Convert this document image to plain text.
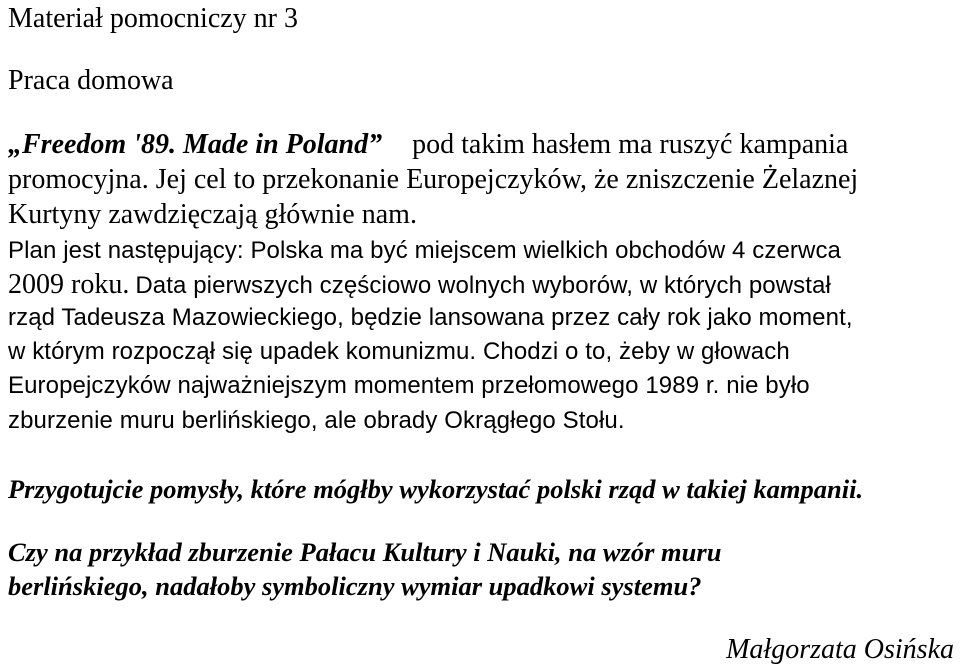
Materiał pomocniczy nr 3
Praca domowa
„Freedom '89. Made in Poland” pod takim hasłem ma ruszyć kampania
promocyjna. Jej cel to przekonanie Europejczyków, że zniszczenie Żelaznej
Kurtyny zawdzięczają głównie nam.
Plan jest następujący: Polska ma być miejscem wielkich obchodów 4 czerwca
2009 roku. Data pierwszych częściowo wolnych wyborów, w których powstał
rząd Tadeusza Mazowieckiego, będzie lansowana przez cały rok jako moment,
w którym rozpoczął się upadek komunizmu. Chodzi o to, żeby w głowach
Europejczyków najważniejszym momentem przełomowego 1989 r. nie było
zburzenie muru berlińskiego, ale obrady Okrągłego Stołu.
Przygotujcie pomysły, które mógłby wykorzystać polski rząd w takiej kampanii.
Czy na przykład zburzenie Pałacu Kultury i Nauki, na wzór muru
berlińskiego, nadałoby symboliczny wymiar upadkowi systemu?
Małgorzata Osińska
